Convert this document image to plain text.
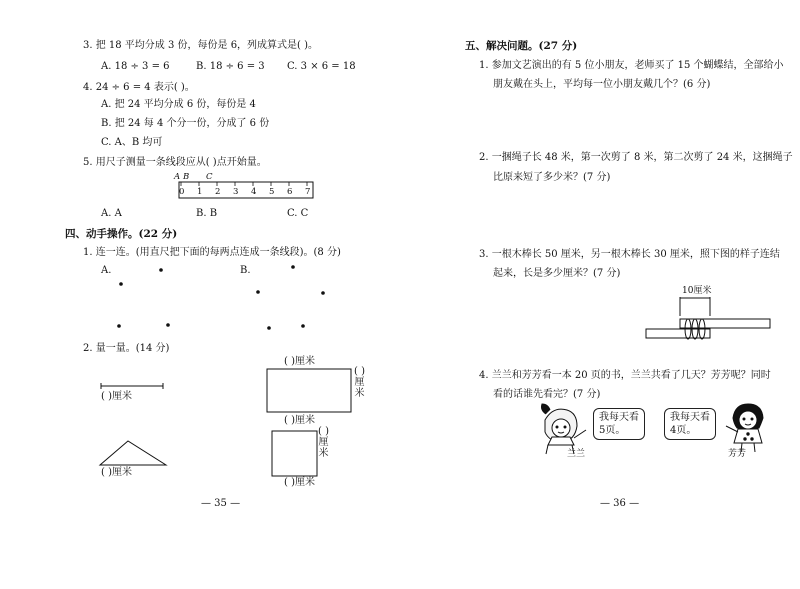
3. 把 18 平均分成 3 份，每份是 6，列成算式是( )。
A. 18 ÷ 3 = 6	B. 18 ÷ 6 = 3 C. 3 × 6 = 18
4. 24 ÷ 6 = 4 表示( )。
A. 把 24 平均分成 6 份，每份是 4
B. 把 24 每 4 个分一份，分成了 6 份
C. A、B 均可
5. 用尺子测量一条线段应从( )点开始量。
A B C
0 1 2 3 4 5 6 7
A. A	B. B	C. C
四、动手操作。(22 分)
1. 连一连。(用直尺把下面的每两点连成一条线段)。(8 分)
A.	B.
2. 量一量。(14 分)
( )厘米
( )厘米
( )厘米
( )厘米
( )厘米
( )厘米
( )厘米
— 35 —
五、解决问题。(27 分)
1. 参加文艺演出的有 5 位小朋友，老师买了 15 个蝴蝶结，全部给小
朋友戴在头上，平均每一位小朋友戴几个？(6 分)
2. 一捆绳子长 48 米，第一次剪了 8 米，第二次剪了 24 米，这捆绳子
比原来短了多少米？(7 分)
3. 一根木棒长 50 厘米，另一根木棒长 30 厘米，照下图的样子连结
起来，长是多少厘米？(7 分)
10厘米
4. 兰兰和芳芳看一本 20 页的书，兰兰共看了几天？芳芳呢？同时
看的话谁先看完？(7 分)
我每天看
5页。
我每天看
4页。
兰兰	芳芳
— 36 —
